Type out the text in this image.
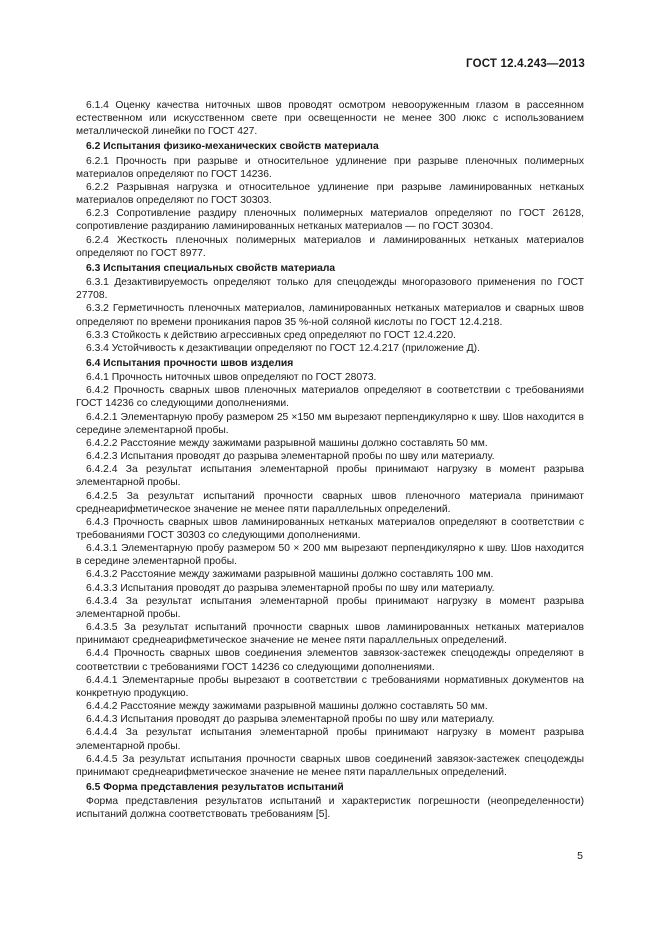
ГОСТ 12.4.243—2013
6.1.4 Оценку качества ниточных швов проводят осмотром невооруженным глазом в рассеянном естественном или искусственном свете при освещенности не менее 300 люкс с использованием металлической линейки по ГОСТ 427.
6.2 Испытания физико-механических свойств материала
6.2.1 Прочность при разрыве и относительное удлинение при разрыве пленочных полимерных материалов определяют по ГОСТ 14236.
6.2.2 Разрывная нагрузка и относительное удлинение при разрыве ламинированных нетканых материалов определяют по ГОСТ 30303.
6.2.3 Сопротивление раздиру пленочных полимерных материалов определяют по ГОСТ 26128, сопротивление раздиранию ламинированных нетканых материалов — по ГОСТ 30304.
6.2.4 Жесткость пленочных полимерных материалов и ламинированных нетканых материалов определяют по ГОСТ 8977.
6.3 Испытания специальных свойств материала
6.3.1 Дезактивируемость определяют только для спецодежды многоразового применения по ГОСТ 27708.
6.3.2 Герметичность пленочных материалов, ламинированных нетканых материалов и сварных швов определяют по времени проникания паров 35 %-ной соляной кислоты по ГОСТ 12.4.218.
6.3.3 Стойкость к действию агрессивных сред определяют по ГОСТ 12.4.220.
6.3.4 Устойчивость к дезактивации определяют по ГОСТ 12.4.217 (приложение Д).
6.4 Испытания прочности швов изделия
6.4.1 Прочность ниточных швов определяют по ГОСТ 28073.
6.4.2 Прочность сварных швов пленочных материалов определяют в соответствии с требованиями ГОСТ 14236 со следующими дополнениями.
6.4.2.1 Элементарную пробу размером 25 ×150 мм вырезают перпендикулярно к шву. Шов находится в середине элементарной пробы.
6.4.2.2 Расстояние между зажимами разрывной машины должно составлять 50 мм.
6.4.2.3 Испытания проводят до разрыва элементарной пробы по шву или материалу.
6.4.2.4 За результат испытания элементарной пробы принимают нагрузку в момент разрыва элементарной пробы.
6.4.2.5 За результат испытаний прочности сварных швов пленочного материала принимают среднеарифметическое значение не менее пяти параллельных определений.
6.4.3 Прочность сварных швов ламинированных нетканых материалов определяют в соответствии с требованиями ГОСТ 30303 со следующими дополнениями.
6.4.3.1 Элементарную пробу размером 50 × 200 мм вырезают перпендикулярно к шву. Шов находится в середине элементарной пробы.
6.4.3.2 Расстояние между зажимами разрывной машины должно составлять 100 мм.
6.4.3.3 Испытания проводят до разрыва элементарной пробы по шву или материалу.
6.4.3.4 За результат испытания элементарной пробы принимают нагрузку в момент разрыва элементарной пробы.
6.4.3.5 За результат испытаний прочности сварных швов ламинированных нетканых материалов принимают среднеарифметическое значение не менее пяти параллельных определений.
6.4.4 Прочность сварных швов соединения элементов завязок-застежек спецодежды определяют в соответствии с требованиями ГОСТ 14236 со следующими дополнениями.
6.4.4.1 Элементарные пробы вырезают в соответствии с требованиями нормативных документов на конкретную продукцию.
6.4.4.2 Расстояние между зажимами разрывной машины должно составлять 50 мм.
6.4.4.3 Испытания проводят до разрыва элементарной пробы по шву или материалу.
6.4.4.4 За результат испытания элементарной пробы принимают нагрузку в момент разрыва элементарной пробы.
6.4.4.5 За результат испытания прочности сварных швов соединений завязок-застежек спецодежды принимают среднеарифметическое значение не менее пяти параллельных определений.
6.5 Форма представления результатов испытаний
Форма представления результатов испытаний и характеристик погрешности (неопределенности) испытаний должна соответствовать требованиям [5].
5
